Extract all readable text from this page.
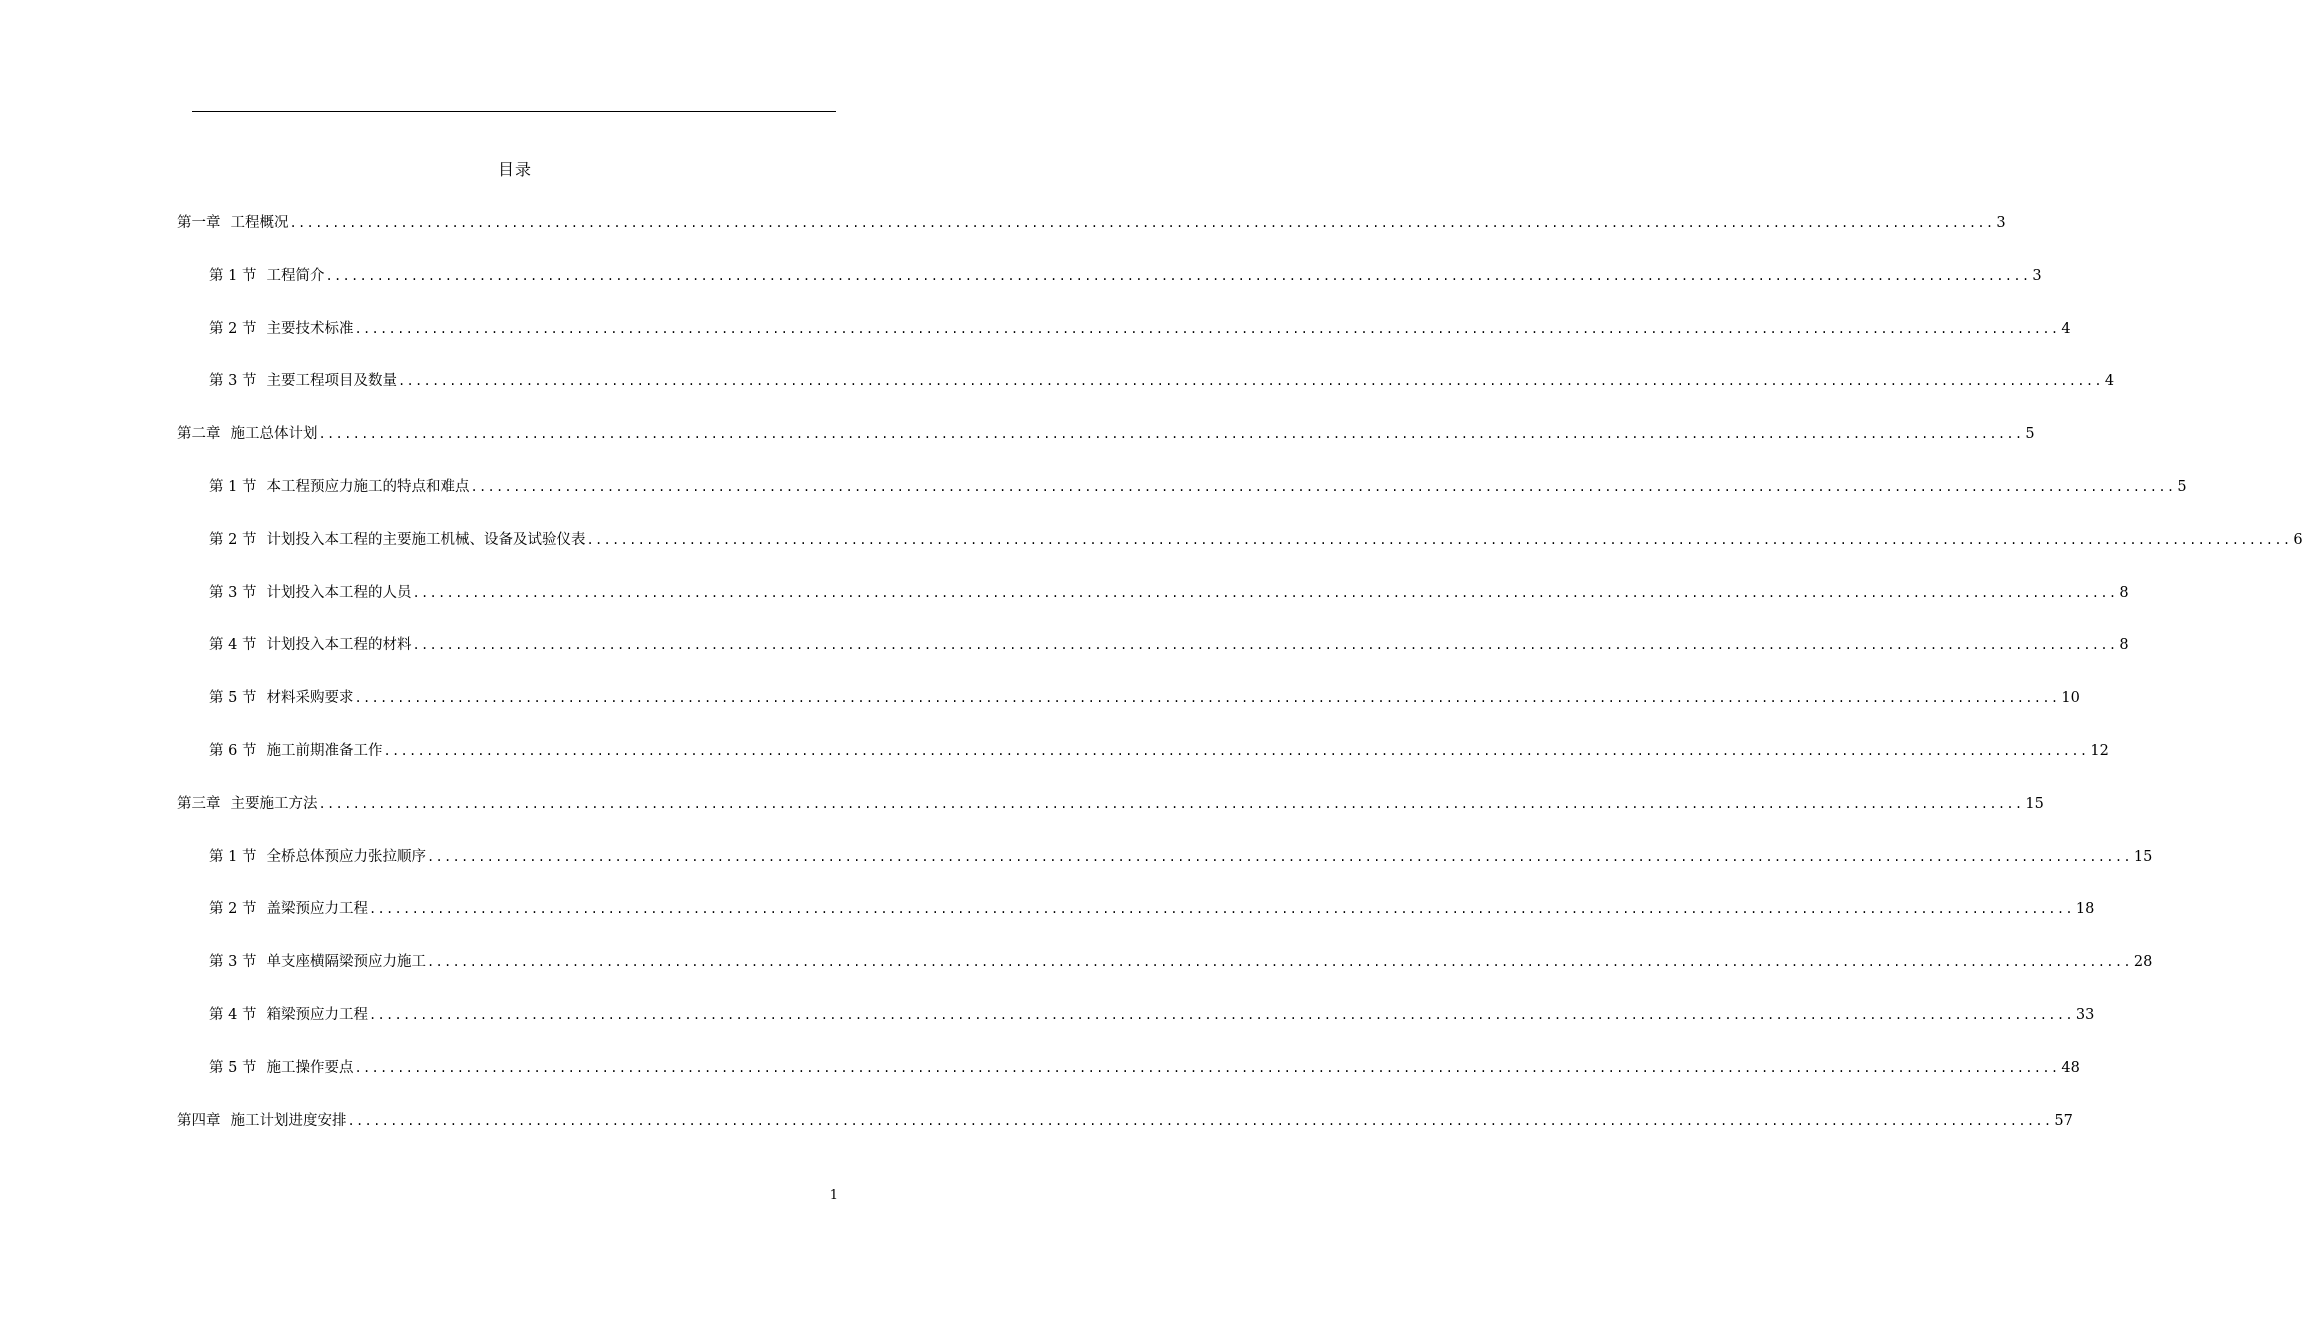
目录
第一章 工程概况 ........................................................................................................................................................................................................ 3
第 1 节 工程简介 ........................................................................................................................................................................................................ 3
第 2 节 主要技术标准 ........................................................................................................................................................................................................ 4
第 3 节 主要工程项目及数量 ........................................................................................................................................................................................................ 4
第二章 施工总体计划 ........................................................................................................................................................................................................ 5
第 1 节 本工程预应力施工的特点和难点 ........................................................................................................................................................................................................ 5
第 2 节 计划投入本工程的主要施工机械、设备及试验仪表 ........................................................................................................................................................................................................ 6
第 3 节 计划投入本工程的人员 ........................................................................................................................................................................................................ 8
第 4 节 计划投入本工程的材料 ........................................................................................................................................................................................................ 8
第 5 节 材料采购要求 ........................................................................................................................................................................................................ 10
第 6 节 施工前期准备工作 ........................................................................................................................................................................................................ 12
第三章 主要施工方法 ........................................................................................................................................................................................................ 15
第 1 节 全桥总体预应力张拉顺序 ........................................................................................................................................................................................................ 15
第 2 节 盖梁预应力工程 ........................................................................................................................................................................................................ 18
第 3 节 单支座横隔梁预应力施工 ........................................................................................................................................................................................................ 28
第 4 节 箱梁预应力工程 ........................................................................................................................................................................................................ 33
第 5 节 施工操作要点 ........................................................................................................................................................................................................ 48
第四章 施工计划进度安排 ........................................................................................................................................................................................................ 57
1
